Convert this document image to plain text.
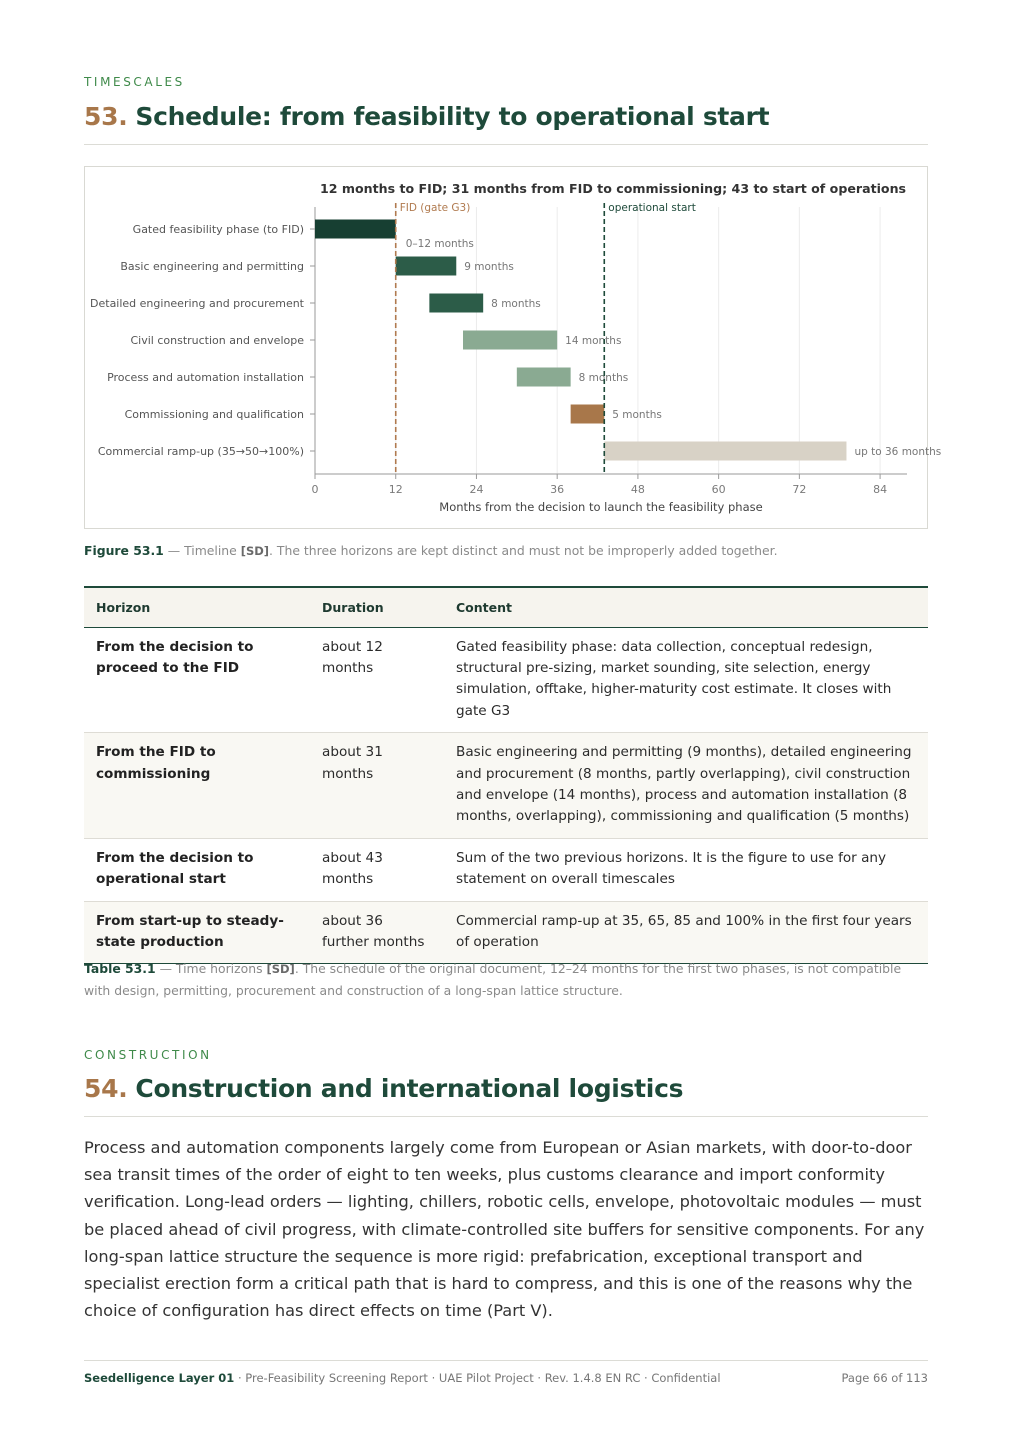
TIMESCALES
53. Schedule: from feasibility to operational start
0	12	24	36	48	60	72	84
12 months to FID; 31 months from FID to commissioning; 43 to start of operations
Months from the decision to launch the feasibility phase
Gated feasibility phase (to FID)
0–12 months
Basic engineering and permitting	9 months
Detailed engineering and procurement	8 months
Civil construction and envelope	14 months
Process and automation installation	8 months
Commissioning and qualification	5 months
Commercial ramp-up (35→50→100%)	up to 36 months
FID (gate G3)	operational start
Figure 53.1 — Timeline [SD]. The three horizons are kept distinct and must not be improperly added together.
Horizon	Duration	Content
From the decision to proceed to the FID	about 12 months	Gated feasibility phase: data collection, conceptual redesign, structural pre-sizing, market sounding, site selection, energy simulation, offtake, higher-maturity cost estimate. It closes with gate G3
From the FID to commissioning	about 31 months	Basic engineering and permitting (9 months), detailed engineering and procurement (8 months, partly overlapping), civil construction and envelope (14 months), process and automation installation (8 months, overlapping), commissioning and qualification (5 months)
From the decision to operational start	about 43 months	Sum of the two previous horizons. It is the figure to use for any statement on overall timescales
From start-up to steady-state production	about 36 further months	Commercial ramp-up at 35, 65, 85 and 100% in the first four years of operation
Table 53.1 — Time horizons [SD]. The schedule of the original document, 12–24 months for the first two phases, is not compatible with design, permitting, procurement and construction of a long-span lattice structure.
CONSTRUCTION
54. Construction and international logistics
Process and automation components largely come from European or Asian markets, with door-to-door sea transit times of the order of eight to ten weeks, plus customs clearance and import conformity verification. Long-lead orders — lighting, chillers, robotic cells, envelope, photovoltaic modules — must be placed ahead of civil progress, with climate-controlled site buffers for sensitive components. For any long-span lattice structure the sequence is more rigid: prefabrication, exceptional transport and specialist erection form a critical path that is hard to compress, and this is one of the reasons why the choice of configuration has direct effects on time (Part V).
Seedelligence Layer 01 · Pre-Feasibility Screening Report · UAE Pilot Project · Rev. 1.4.8 EN RC · Confidential	Page 66 of 113
